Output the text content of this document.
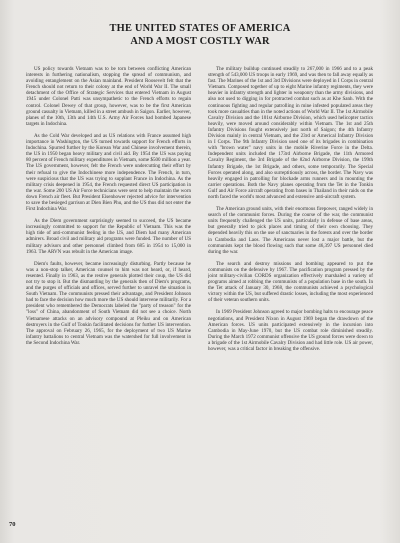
THE UNITED STATES OF AMERICA
AND A MOST COSTLY WAR

US policy towards Vietnam was to be torn between conflicting American interests in furthering nationalism, stopping the spread of communism, and avoiding entanglement on the Asian mainland. President Roosevelt felt that the French should not return to their colony at the end of World War II. The small detachment of the Office of Strategic Services that entered Vietnam in August 1945 under Colonel Patti was unsympathetic to the French efforts to regain control. Colonel Dewey of that group, however, was to be the first American ground casualty in Vietnam, killed in a street ambush in Saigon. Earlier, however, planes of the 10th, 13th and 14th U.S. Army Air Forces had bombed Japanese targets in Indochina.

As the Cold War developed and as US relations with France assumed high importance in Washington, the US turned towards support for French efforts in Indochina. Spurred further by the Korean War and Chinese involvement therein, the US in 1950 began heavy military and civil aid. By 1954 the US was paying 80 percent of French military expenditures in Vietnam, some $500 million a year. The US government, however, felt the French were undercutting their effort by their refusal to give the Indochinese more independence. The French, in turn, were suspicious that the US was trying to supplant France in Indochina. As the military crisis deepened in 1954, the French requested direct US participation in the war. Some 200 US Air Force technicians were sent to help maintain the worn down French air fleet. But President Eisenhower rejected advice for intervention to save the besieged garrison at Dien Bien Phu, and the US thus did not enter the First Indochina War.

As the Diem government surprisingly seemed to succeed, the US became increasingly committed to support for the Republic of Vietnam. This was the high tide of anti-communist feeling in the US, and Diem had many American admirers. Broad civil and military aid programs were funded. The number of US military advisors and other personnel climbed from 685 in 1954 to 15,000 in 1963. The ARVN was rebuilt in the American image.

Diem's faults, however, became increasingly disturbing. Partly because he was a non-stop talker, American counsel to him was not heard, or, if heard, resented. Finally in 1963, as the restive generals plotted their coup, the US did not try to stop it. But the dismantling by the generals then of Diem's programs, and the purges of officials and offices, served further to unravel the situation in South Vietnam. The communists pressed their advantage, and President Johnson had to face the decision how much more the US should intervene militarily. For a president who remembered the Democrats labeled the "party of treason" for the "loss" of China, abandonment of South Vietnam did not see a choice. North Vietnamese attacks on an advisory compound at Pleiku and on American destroyers in the Gulf of Tonkin facilitated decisions for further US intervention. The approval on February 26, 1965, for the deployment of two US Marine infantry battalions to central Vietnam was the watershed for full involvement in the Second Indochina War.

The military buildup continued steadily to 267,000 in 1966 and to a peak strength of 543,000 US troops in early 1969, and was then to fall away equally as fast. The Marines of the 1st and 3rd Divisions were deployed in I Corps in central Vietnam. Composed together of up to eight Marine infantry regiments, they were heavier in infantry strength and lighter in weaponry than the army divisions, and also not used to digging in for protracted combat such as at Khe Sanh. With the continuous fighting and regular patrolling in mine infested populated areas they took more casualties than in the noted actions of World War II. The 1st Airmobile Cavalry Division and the 101st Airborne Division, which used helicopter tactics heavily, were moved around considerably within Vietnam. The 1st and 25th Infantry Divisions fought extensively just north of Saigon; the 4th Infantry Division mainly in central Vietnam, and the 23rd or Americal Infantry Division in I Corps. The 9th Infantry Division used one of its brigades in combination with "brown water" navy units in the mobile Riverine Force in the Delta. Independent units included the 173rd Airborne Brigade, the 11th Armored Cavalry Regiment, the 3rd Brigade of the 82nd Airborne Division, the 199th Infantry Brigade, the 1st Brigade, and others, some temporarily. The Special Forces operated along, and also surreptitiously across, the border. The Navy was heavily engaged in patrolling for blockade arms runners and in mounting the carrier operations. Both the Navy planes operating from the Tet in the Tonkin Gulf and Air Force aircraft operating from bases in Thailand in their raids on the north faced the world's most advanced and extensive anti-aircraft system.

The American ground units, with their enormous firepower, ranged widely in search of the communist forces. During the course of the war, the communist units frequently challenged the US units, particularly in defense of base areas, but generally tried to pick places and timing of their own choosing. They depended heavily this on the use of sanctuaries in the forests and over the border in Cambodia and Laos. The Americans never lost a major battle, but the communists kept the blood flowing such that some 46,397 US personnel died during the war.

The search and destroy missions and bombing appeared to put the communists on the defensive by 1967. The pacification program pressed by the joint military-civilian CORDS organization effectively marshaled a variety of programs aimed at robbing the communists of a population base in the south. In the Tet attack of January 30, 1968, the communists achieved a psychological victory within the US, but suffered drastic losses, including the most experienced of their veteran southern units.

In 1969 President Johnson agreed to major bombing halts to encourage peace negotiations, and President Nixon in August 1969 began the drawdown of the American forces. US units participated extensively in the incursion into Cambodia in May-June 1970, but the US combat role diminished steadily. During the March 1972 communist offensive the US ground forces were down to a brigade of the 1st Airmobile Cavalry Division and had little role. US air power, however, was a critical factor in breaking the offensive.

70
